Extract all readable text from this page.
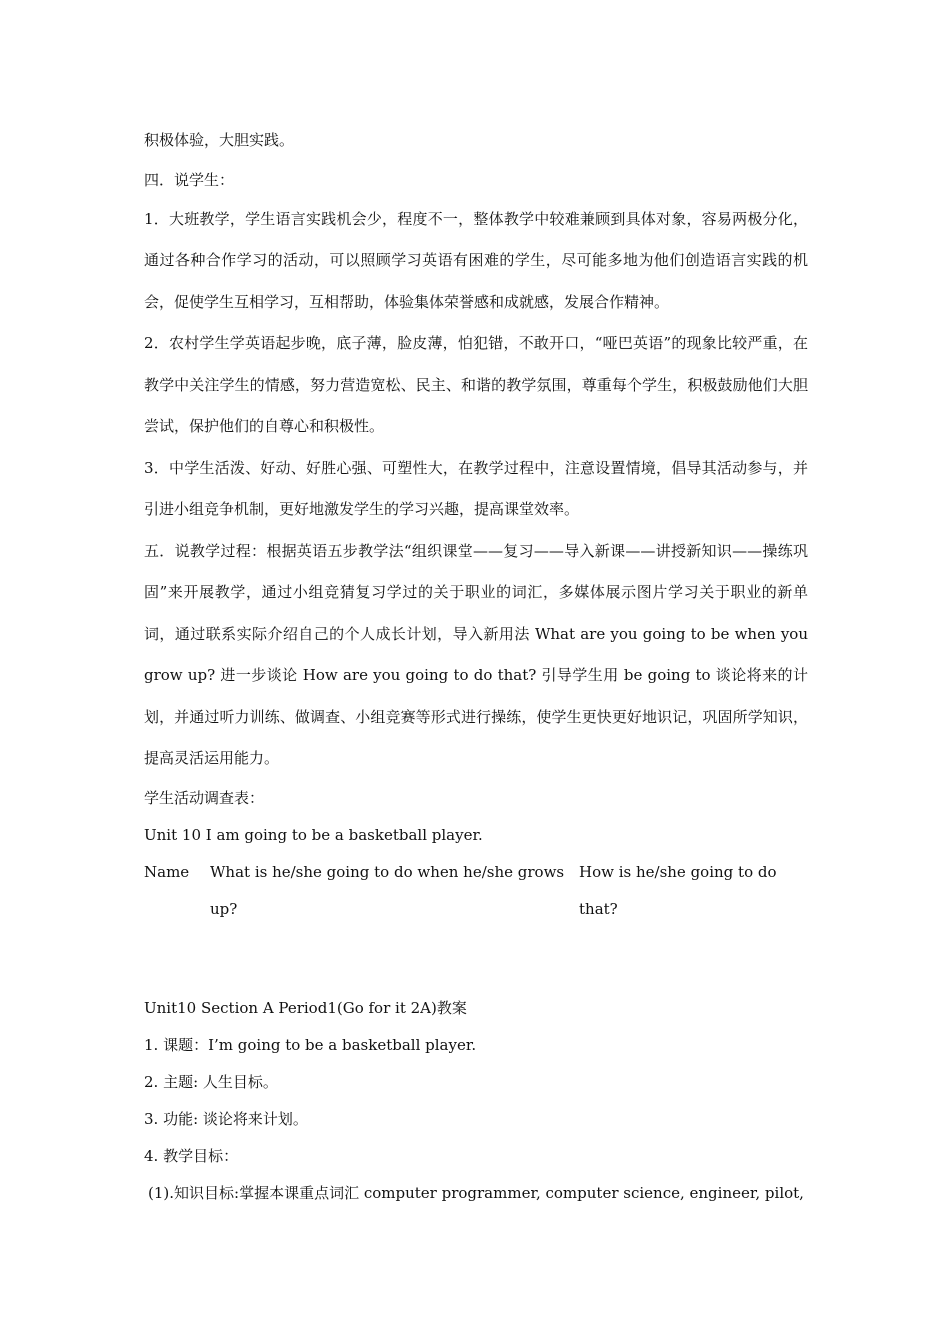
积极体验，大胆实践。

四．说学生：

1．大班教学，学生语言实践机会少，程度不一，整体教学中较难兼顾到具体对象，容易两极分化，通过各种合作学习的活动，可以照顾学习英语有困难的学生，尽可能多地为他们创造语言实践的机会，促使学生互相学习，互相帮助，体验集体荣誉感和成就感，发展合作精神。

2．农村学生学英语起步晚，底子薄，脸皮薄，怕犯错，不敢开口，“哑巴英语”的现象比较严重，在教学中关注学生的情感，努力营造宽松、民主、和谐的教学氛围，尊重每个学生，积极鼓励他们大胆尝试，保护他们的自尊心和积极性。

3．中学生活泼、好动、好胜心强、可塑性大，在教学过程中，注意设置情境，倡导其活动参与，并引进小组竞争机制，更好地激发学生的学习兴趣，提高课堂效率。

五．说教学过程：根据英语五步教学法“组织课堂——复习——导入新课——讲授新知识——操练巩固”来开展教学，通过小组竞猜复习学过的关于职业的词汇，多媒体展示图片学习关于职业的新单词，通过联系实际介绍自己的个人成长计划，导入新用法 What are you going to be when you grow up? 进一步谈论 How are you going to do that? 引导学生用 be going to 谈论将来的计划，并通过听力训练、做调查、小组竞赛等形式进行操练，使学生更快更好地识记，巩固所学知识，提高灵活运用能力。

学生活动调查表：

Unit 10 I am going to be a basketball player.

Name	What is he/she going to do when he/she grows up?
How is he/she going to do that?

Unit10 Section A Period1(Go for it 2A)教案

1. 课题：I’m going to be a basketball player.

2. 主题: 人生目标。

3. 功能: 谈论将来计划。

4. 教学目标：

(1).知识目标:掌握本课重点词汇 computer programmer, computer science, engineer, pilot,
